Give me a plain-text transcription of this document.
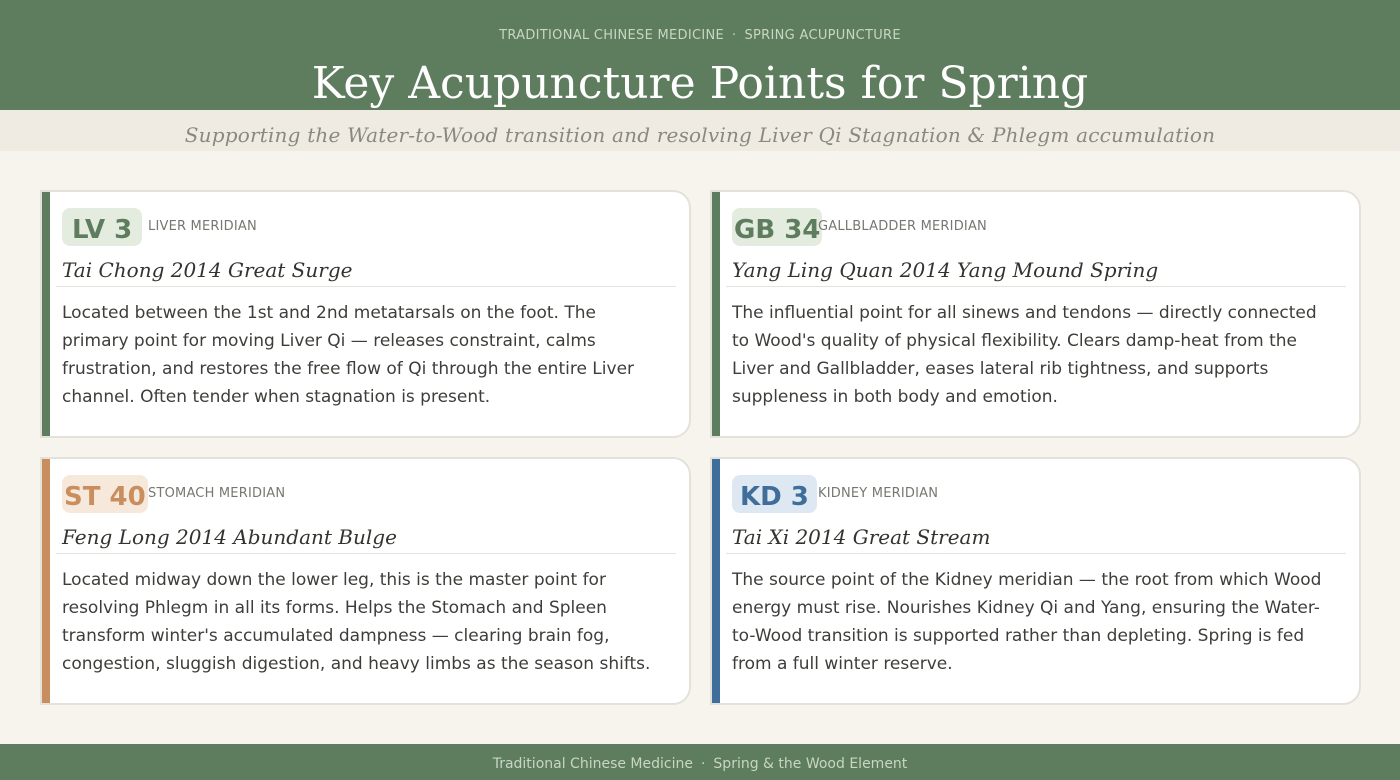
TRADITIONAL CHINESE MEDICINE · SPRING ACUPUNCTURE
Key Acupuncture Points for Spring
Supporting the Water-to-Wood transition and resolving Liver Qi Stagnation & Phlegm accumulation
LV 3	LIVER MERIDIAN
Tai Chong 2014 Great Surge
Located between the 1st and 2nd metatarsals on the foot. The primary point for moving Liver Qi — releases constraint, calms frustration, and restores the free flow of Qi through the entire Liver channel. Often tender when stagnation is present.
GB 34
GALLBLADDER MERIDIAN
Yang Ling Quan 2014 Yang Mound Spring
The influential point for all sinews and tendons — directly connected to Wood's quality of physical flexibility. Clears damp-heat from the Liver and Gallbladder, eases lateral rib tightness, and supports suppleness in both body and emotion.
ST 40 STOMACH MERIDIAN
Feng Long 2014 Abundant Bulge
Located midway down the lower leg, this is the master point for resolving Phlegm in all its forms. Helps the Stomach and Spleen transform winter's accumulated dampness — clearing brain fog, congestion, sluggish digestion, and heavy limbs as the season shifts.
KD 3 KIDNEY MERIDIAN
Tai Xi 2014 Great Stream
The source point of the Kidney meridian — the root from which Wood energy must rise. Nourishes Kidney Qi and Yang, ensuring the Water-to-Wood transition is supported rather than depleting. Spring is fed from a full winter reserve.
Traditional Chinese Medicine · Spring & the Wood Element
